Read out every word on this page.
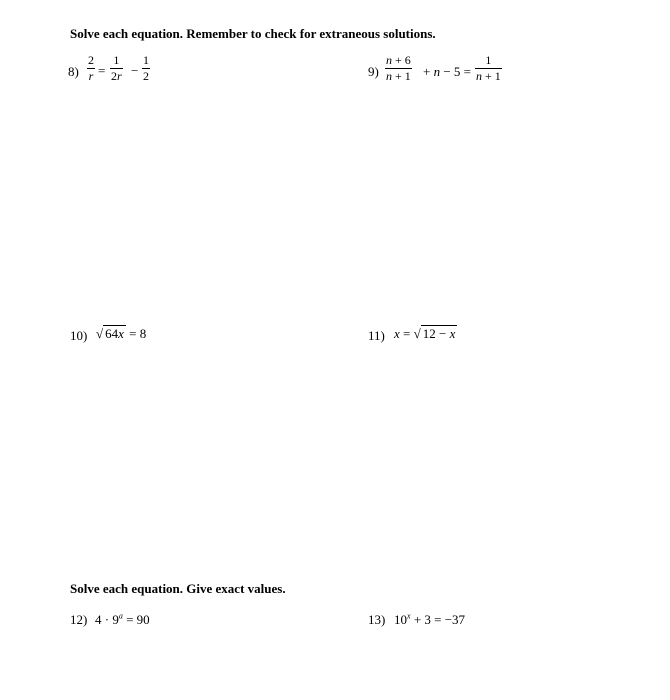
Solve each equation. Remember to check for extraneous solutions.
8)
2
r =
1
2r −
1
2	9)
n + 6
n + 1 + n − 5 =
1
n + 1
10) √ 64x = 8	11) x = √ 12 − x
Solve each equation. Give exact values.
12) $4 \cdot 9^a = 90$	13) $10^x + 3 = -37$
